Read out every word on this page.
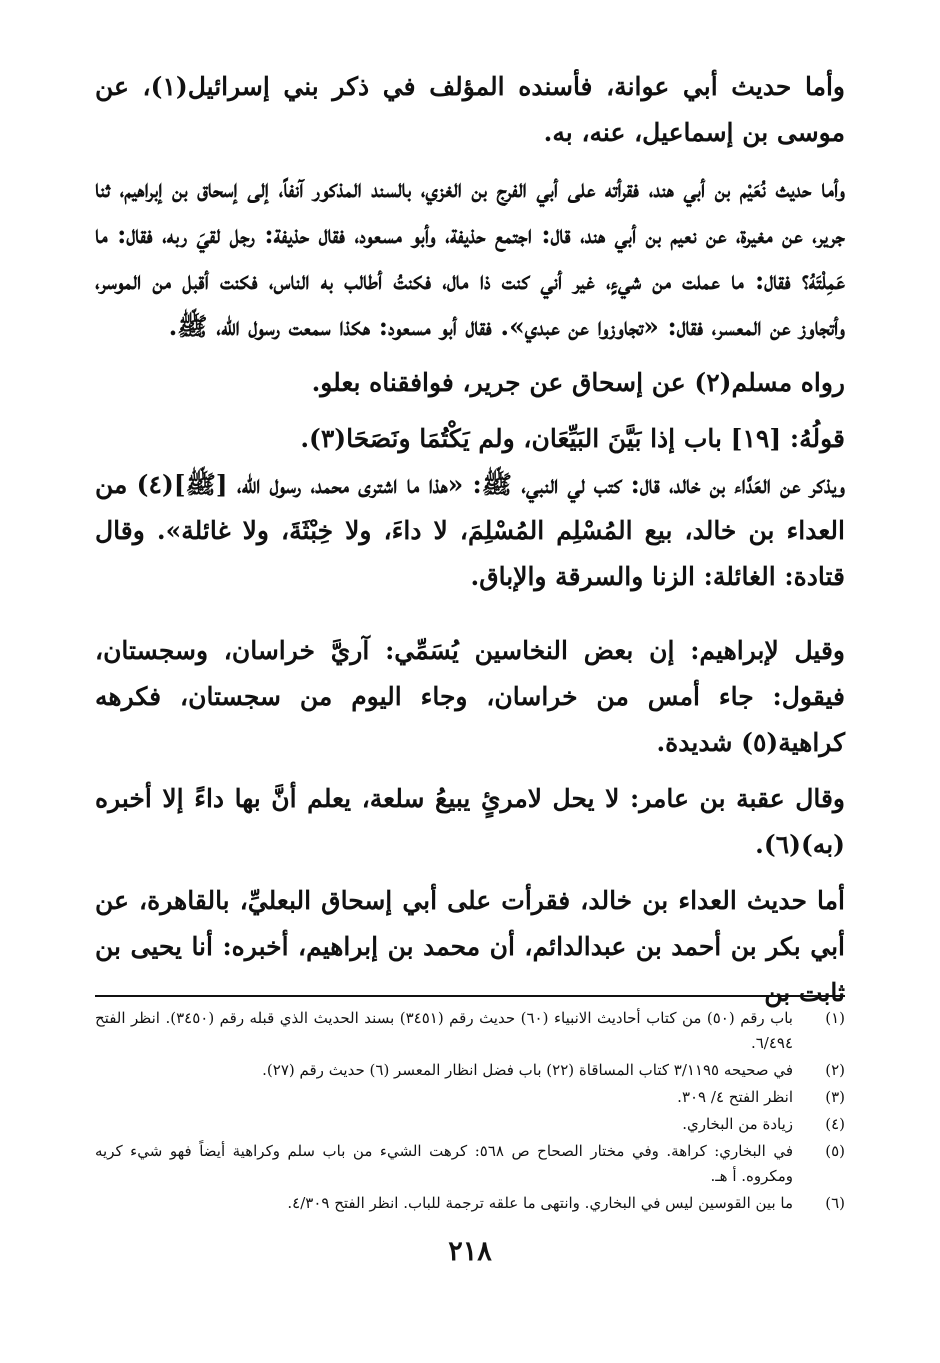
وأما حديث أبي عوانة، فأسنده المؤلف في ذكر بني إسرائيل(١)، عن موسى بن إسماعيل، عنه، به.

وأما حديث نُعَيْم بن أبي هند، فقرأته على أبي الفرج بن الغزي، بالسند المذكور آنفاً، إلى إسحاق بن إبراهيم، ثنا جرير، عن مغيرة، عن نعيم بن أبي هند، قال: اجتمع حذيفة، وأبو مسعود، فقال حذيفة: رجل لقيَ ربه، فقال: ما عَمِلْتَهُ؟ فقال: ما عملت من شيءٍ، غير أني كنت ذا مال، فكنتُ أطالب به الناس، فكنت أقبل من الموسر، وأتجاوز عن المعسر، فقال: «تجاوزوا عن عبدي». فقال أبو مسعود: هكذا سمعت رسول الله، ﷺ.

رواه مسلم(٢) عن إسحاق عن جرير، فوافقناه بعلو.

قولُهُ: [١٩] باب إذا بَيَّنَ البَيِّعَان، ولم يَكْتُمَا ونَصَحَا(٣).

ويذكر عن العَدَّاء بن خالد، قال: كتب لي النبي، ﷺ: «هذا ما اشترى محمد، رسول الله، [ﷺ](٤) من العداء بن خالد، بيع المُسْلِم المُسْلِمَ، لا داءَ، ولا خِبْثَةَ، ولا غائلة». وقال قتادة: الغائلة: الزنا والسرقة والإباق.

وقيل لإبراهيم: إن بعض النخاسين يُسَمِّي: آريَّ خراسان، وسجستان، فيقول: جاء أمس من خراسان، وجاء اليوم من سجستان، فكرهه كراهية(٥) شديدة.

وقال عقبة بن عامر: لا يحل لامرئٍ يبيعُ سلعة، يعلم أنَّ بها داءً إلا أخبره (به)(٦).

أما حديث العداء بن خالد، فقرأت على أبي إسحاق البعليِّ، بالقاهرة، عن أبي بكر بن أحمد بن عبدالدائم، أن محمد بن إبراهيم، أخبره: أنا يحيى بن ثابت بن

(١)
باب رقم (٥٠) من كتاب أحاديث الانبياء (٦٠) حديث رقم (٣٤٥١) بسند الحديث الذي قبله رقم (٣٤٥٠). انظر الفتح ٦/٤٩٤.
(٢)
في صحيحه ٣/١١٩٥ كتاب المساقاة (٢٢) باب فضل انظار المعسر (٦) حديث رقم (٢٧).
(٣)
انظر الفتح ٤/ ٣٠٩.
(٤)
زيادة من البخاري.
(٥)
في البخاري: كراهة. وفي مختار الصحاح ص ٥٦٨: كرهت الشيء من باب سلم وكراهية أيضاً فهو شيء كريه ومكروه. أ هـ.
(٦)
ما بين القوسين ليس في البخاري. وانتهى ما علقه ترجمة للباب. انظر الفتح ٤/٣٠٩.
٢١٨
